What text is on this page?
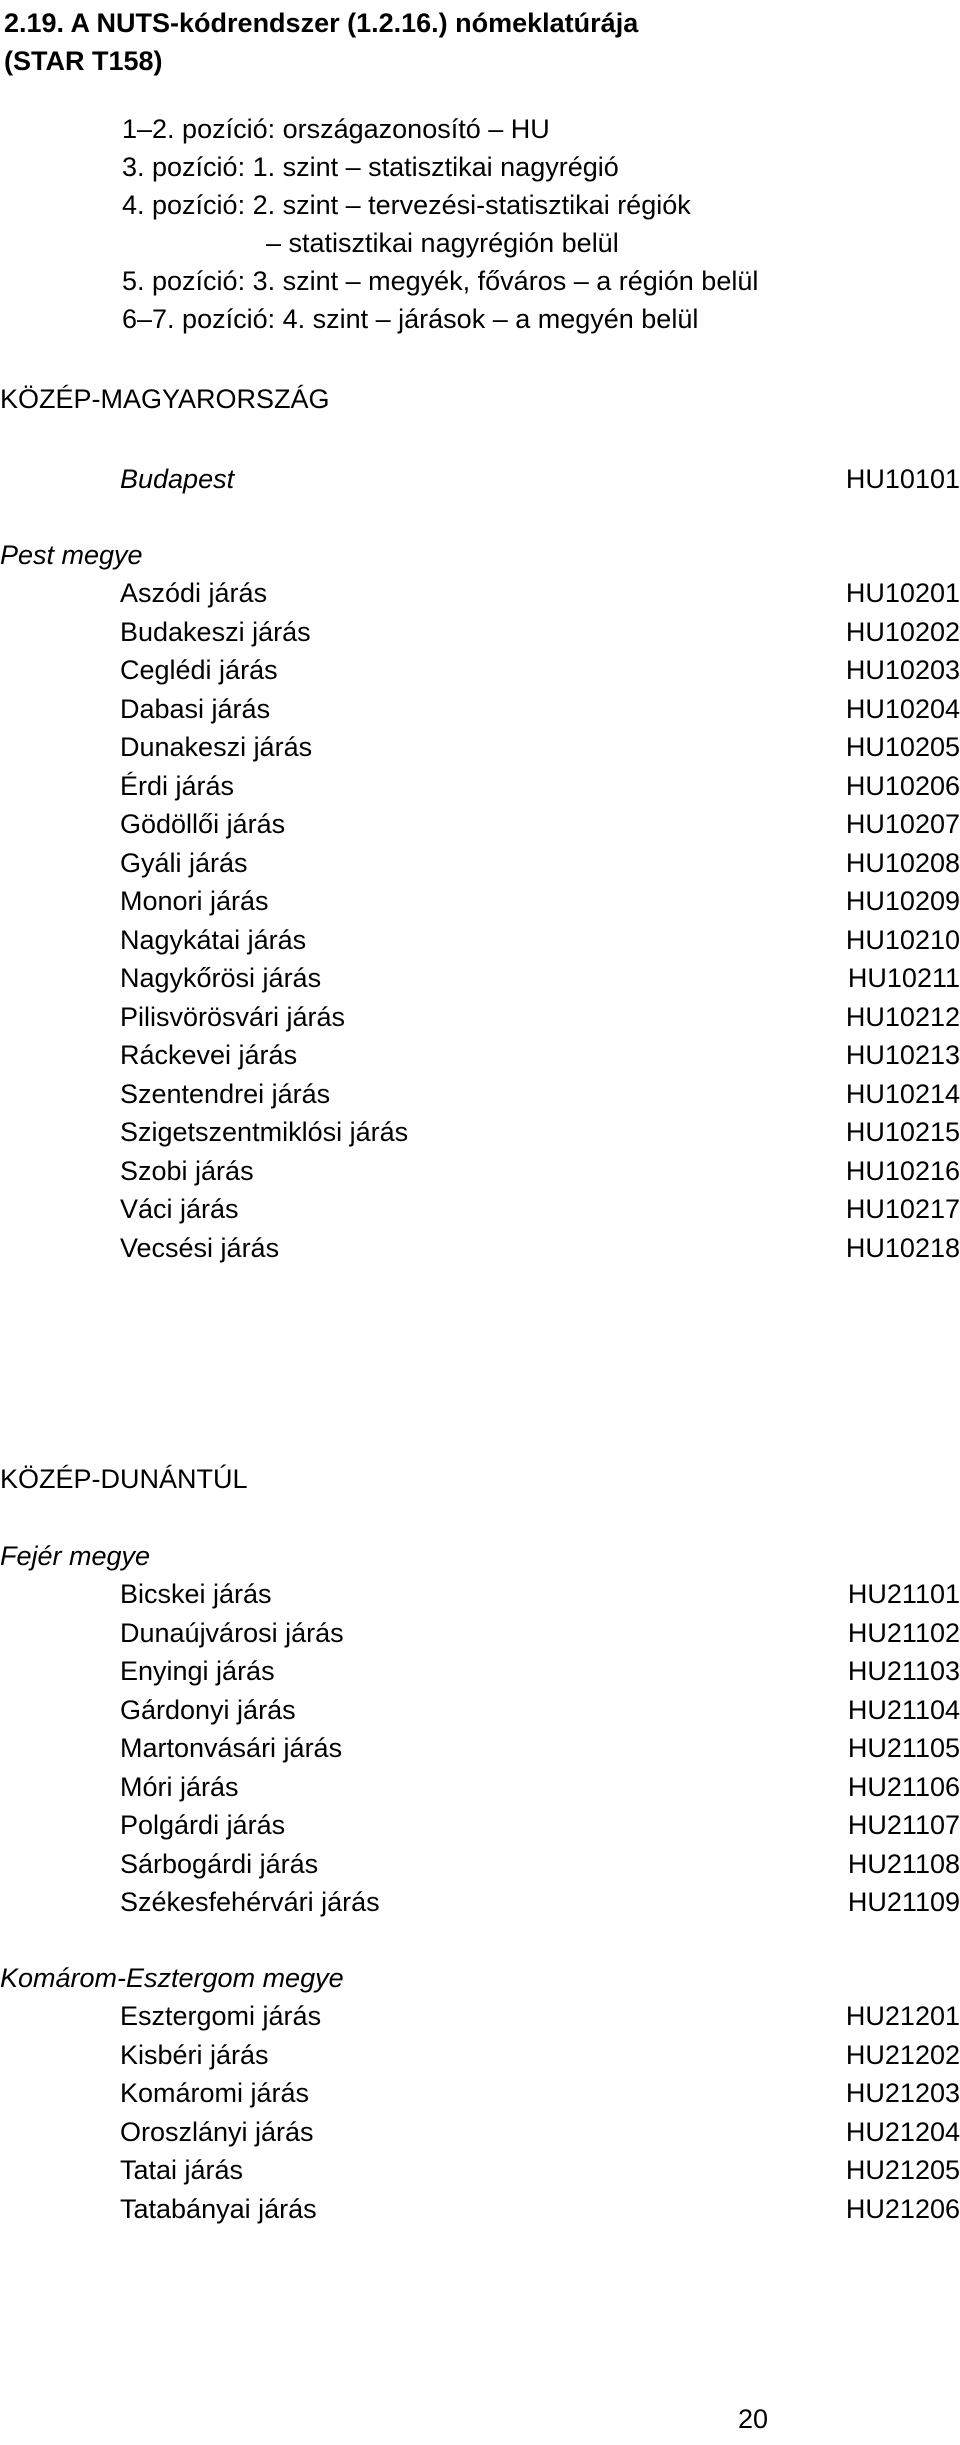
2.19. A NUTS-kódrendszer (1.2.16.) nómeklatúrája
(STAR T158)
1–2. pozíció: országazonosító – HU
3. pozíció: 1. szint – statisztikai nagyrégió
4. pozíció: 2. szint – tervezési-statisztikai régiók
– statisztikai nagyrégión belül
5. pozíció: 3. szint – megyék, főváros – a régión belül
6–7. pozíció: 4. szint – járások – a megyén belül
KÖZÉP-MAGYARORSZÁG
Budapest	HU10101
Pest megye
Aszódi járás	HU10201
Budakeszi járás	HU10202
Ceglédi járás	HU10203
Dabasi járás	HU10204
Dunakeszi járás	HU10205
Érdi járás	HU10206
Gödöllői járás	HU10207
Gyáli járás	HU10208
Monori járás	HU10209
Nagykátai járás	HU10210
Nagykőrösi járás	HU10211
Pilisvörösvári járás	HU10212
Ráckevei járás	HU10213
Szentendrei járás	HU10214
Szigetszentmiklósi járás	HU10215
Szobi járás	HU10216
Váci járás	HU10217
Vecsési járás	HU10218
KÖZÉP-DUNÁNTÚL
Fejér megye
Bicskei járás	HU21101
Dunaújvárosi járás	HU21102
Enyingi járás	HU21103
Gárdonyi járás	HU21104
Martonvásári járás	HU21105
Móri járás	HU21106
Polgárdi járás	HU21107
Sárbogárdi járás	HU21108
Székesfehérvári járás	HU21109
Komárom-Esztergom megye
Esztergomi járás	HU21201
Kisbéri járás	HU21202
Komáromi járás	HU21203
Oroszlányi járás	HU21204
Tatai járás	HU21205
Tatabányai járás	HU21206
20
